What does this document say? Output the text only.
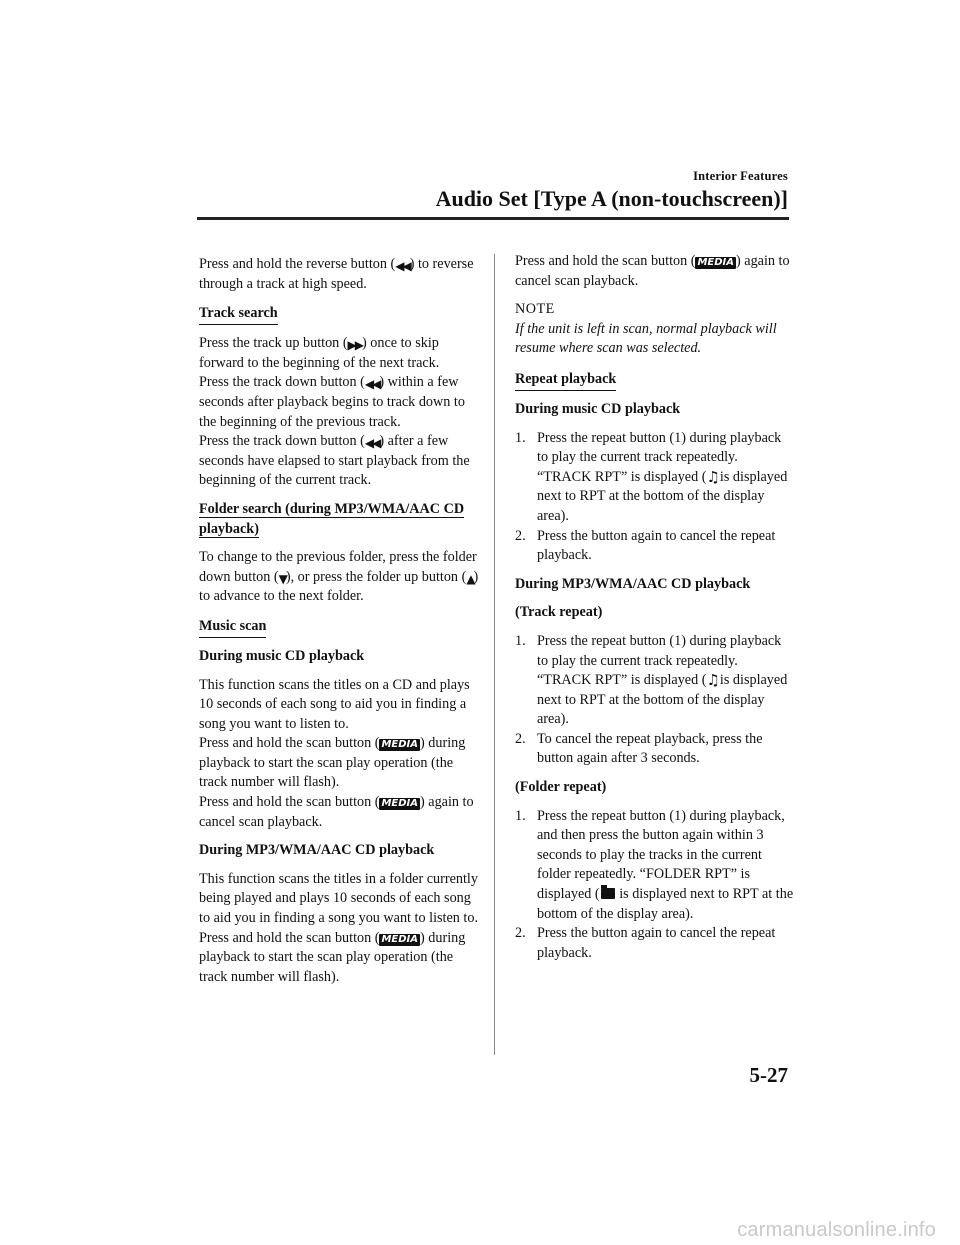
Interior Features
Audio Set [Type A (non-touchscreen)]

Press and hold the reverse button (◀◀) to reverse through a track at high speed.

Track search

Press the track up button (▶▶) once to skip forward to the beginning of the next track.
Press the track down button (◀◀) within a few seconds after playback begins to track down to the beginning of the previous track.
Press the track down button (◀◀) after a few seconds have elapsed to start playback from the beginning of the current track.

Folder search (during MP3/WMA/AAC CD playback)

To change to the previous folder, press the folder down button (▼), or press the folder up button (▲) to advance to the next folder.

Music scan
During music CD playback

This function scans the titles on a CD and plays 10 seconds of each song to aid you in finding a song you want to listen to.
Press and hold the scan button ( MEDIA ) during playback to start the scan play operation (the track number will flash).
Press and hold the scan button ( MEDIA ) again to cancel scan playback.

During MP3/WMA/AAC CD playback

This function scans the titles in a folder currently being played and plays 10 seconds of each song to aid you in finding a song you want to listen to. Press and hold the scan button ( MEDIA ) during playback to start the scan play operation (the track number will flash).

Press and hold the scan button ( MEDIA ) again to cancel scan playback.

NOTE
If the unit is left in scan, normal playback will resume where scan was selected.
Repeat playback
During music CD playback
1. Press the repeat button (1) during playback to play the current track repeatedly. “TRACK RPT” is displayed (♫is displayed next to RPT at the bottom of the display area).
2. Press the button again to cancel the repeat playback.
During MP3/WMA/AAC CD playback
(Track repeat)
1. Press the repeat button (1) during playback to play the current track repeatedly. “TRACK RPT” is displayed (♫is displayed next to RPT at the bottom of the display area).
2. To cancel the repeat playback, press the button again after 3 seconds.
(Folder repeat)
1. Press the repeat button (1) during playback, and then press the button again within 3 seconds to play the tracks in the current folder repeatedly. “FOLDER RPT” is displayed ( is displayed next to RPT at the bottom of the display area).
2. Press the button again to cancel the repeat playback.
5-27
carmanualsonline.info
